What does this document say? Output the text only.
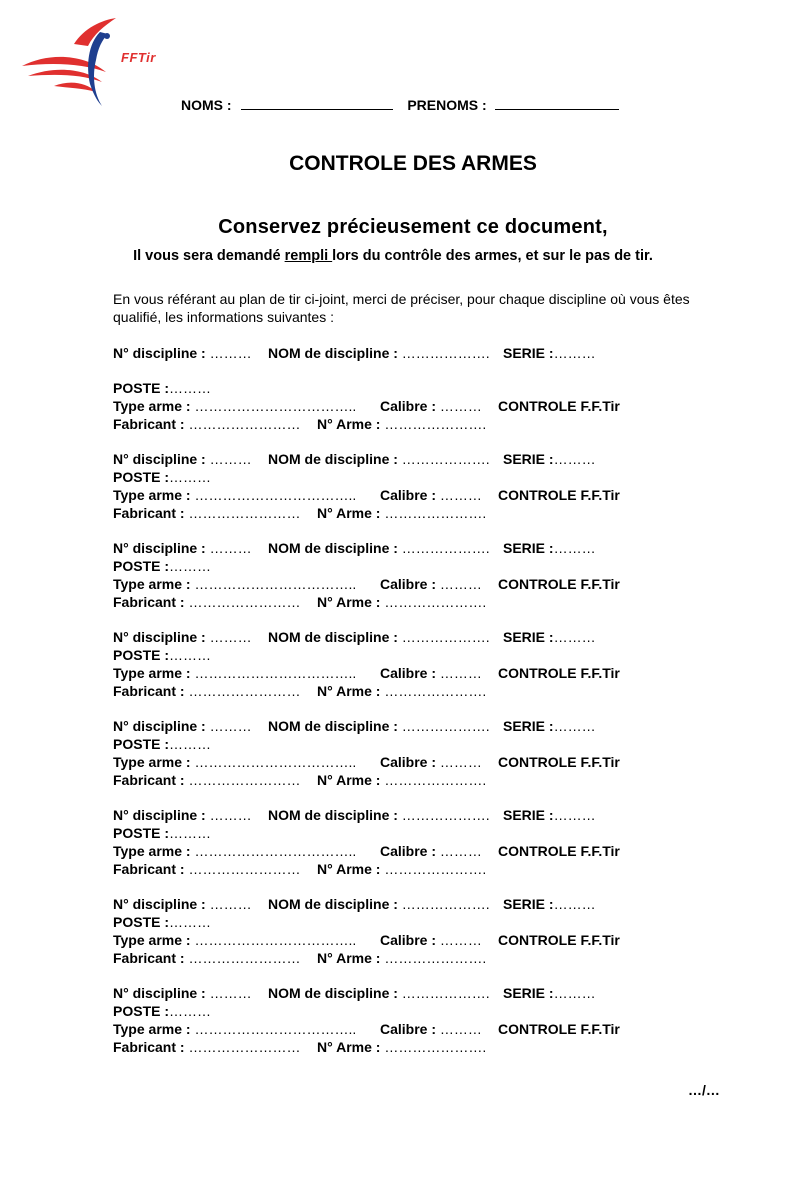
FFTir
NOMS :	PRENOMS :
CONTROLE DES ARMES
Conservez précieusement ce document,
Il vous sera demandé rempli lors du contrôle des armes, et sur le pas de tir.
En vous référant au plan de tir ci-joint, merci de préciser, pour chaque discipline où vous êtes qualifié, les informations suivantes :
N° discipline : ……… NOM de discipline : ………………. SERIE :………
POSTE :………
Type arme : …………………………….. Calibre : ……… CONTROLE F.F.Tir
Fabricant : …………………… N° Arme : ………………….
N° discipline : ……… NOM de discipline : ………………. SERIE :………
POSTE :………
Type arme : …………………………….. Calibre : ……… CONTROLE F.F.Tir
Fabricant : …………………… N° Arme : ………………….
N° discipline : ……… NOM de discipline : ………………. SERIE :………
POSTE :………
Type arme : …………………………….. Calibre : ……… CONTROLE F.F.Tir
Fabricant : …………………… N° Arme : ………………….
N° discipline : ……… NOM de discipline : ………………. SERIE :………
POSTE :………
Type arme : …………………………….. Calibre : ……… CONTROLE F.F.Tir
Fabricant : …………………… N° Arme : ………………….
N° discipline : ……… NOM de discipline : ………………. SERIE :………
POSTE :………
Type arme : …………………………….. Calibre : ……… CONTROLE F.F.Tir
Fabricant : …………………… N° Arme : ………………….
N° discipline : ……… NOM de discipline : ………………. SERIE :………
POSTE :………
Type arme : …………………………….. Calibre : ……… CONTROLE F.F.Tir
Fabricant : …………………… N° Arme : ………………….
N° discipline : ……… NOM de discipline : ………………. SERIE :………
POSTE :………
Type arme : …………………………….. Calibre : ……… CONTROLE F.F.Tir
Fabricant : …………………… N° Arme : ………………….
N° discipline : ……… NOM de discipline : ………………. SERIE :………
POSTE :………
Type arme : …………………………….. Calibre : ……… CONTROLE F.F.Tir
Fabricant : …………………… N° Arme : ………………….
…/…
